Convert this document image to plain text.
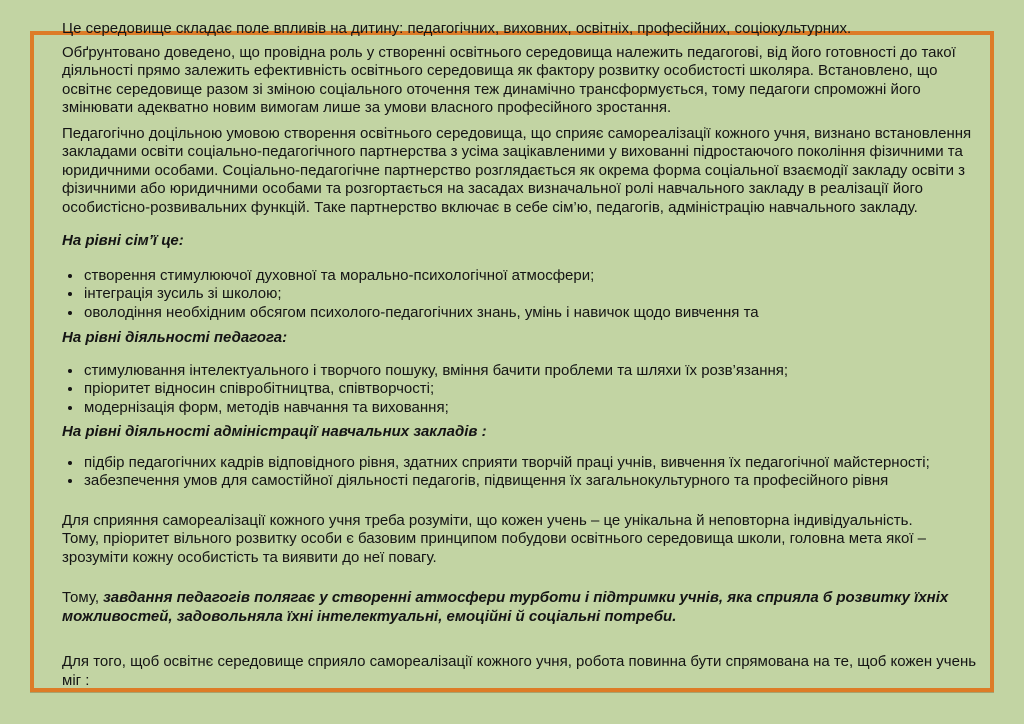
Це середовище складає поле впливів на дитину: педагогічних, виховних, освітніх, професійних, соціокультурних.

Обґрунтовано доведено, що провідна роль у створенні освітнього середовища належить педагогові, від його готовності до такої діяльності прямо залежить ефективність освітнього середовища як фактору розвитку особистості школяра. Встановлено, що освітнє середовище разом зі зміною соціального оточення теж динамічно трансформується, тому педагоги спроможні його змінювати адекватно новим вимогам лише за умови власного професійного зростання.

Педагогічно доцільною умовою створення освітнього середовища, що сприяє самореалізації кожного учня, визнано встановлення закладами освіти соціально-педагогічного партнерства з усіма зацікавленими у вихованні підростаючого покоління фізичними та юридичними особами. Соціально-педагогічне партнерство розглядається як окрема форма соціальної взаємодії закладу освіти з фізичними або юридичними особами та розгортається на засадах визначальної ролі навчального закладу в реалізації його особистісно-розвивальних функцій. Таке партнерство включає в себе сім’ю, педагогів, адміністрацію навчального закладу.

На рівні сім’ї це:
• створення стимулюючої духовної та морально-психологічної атмосфери;
• інтеграція зусиль зі школою;
• оволодіння необхідним обсягом психолого-педагогічних знань, умінь і навичок щодо вивчення та
На рівні діяльності педагога:
• стимулювання інтелектуального і творчого пошуку, вміння бачити проблеми та шляхи їх розв’язання;
• пріоритет відносин співробітництва, співтворчості;
• модернізація форм, методів навчання та виховання;
На рівні діяльності адміністрації навчальних закладів :
• підбір педагогічних кадрів відповідного рівня, здатних сприяти творчій праці учнів, вивчення їх педагогічної майстерності;
• забезпечення умов для самостійної діяльності педагогів, підвищення їх загальнокультурного та професійного рівня

Для сприяння самореалізації кожного учня треба розуміти, що кожен учень – це унікальна й неповторна індивідуальність.
Тому, пріоритет вільного розвитку особи є базовим принципом побудови освітнього середовища школи, головна мета якої – зрозуміти кожну особистість та виявити до неї повагу.

Тому, завдання педагогів полягає у створенні атмосфери турботи і підтримки учнів, яка сприяла б розвитку їхніх можливостей, задовольняла їхні інтелектуальні, емоційні й соціальні потреби.

Для того, щоб освітнє середовище сприяло самореалізації кожного учня, робота повинна бути спрямована на те, щоб кожен учень міг :
